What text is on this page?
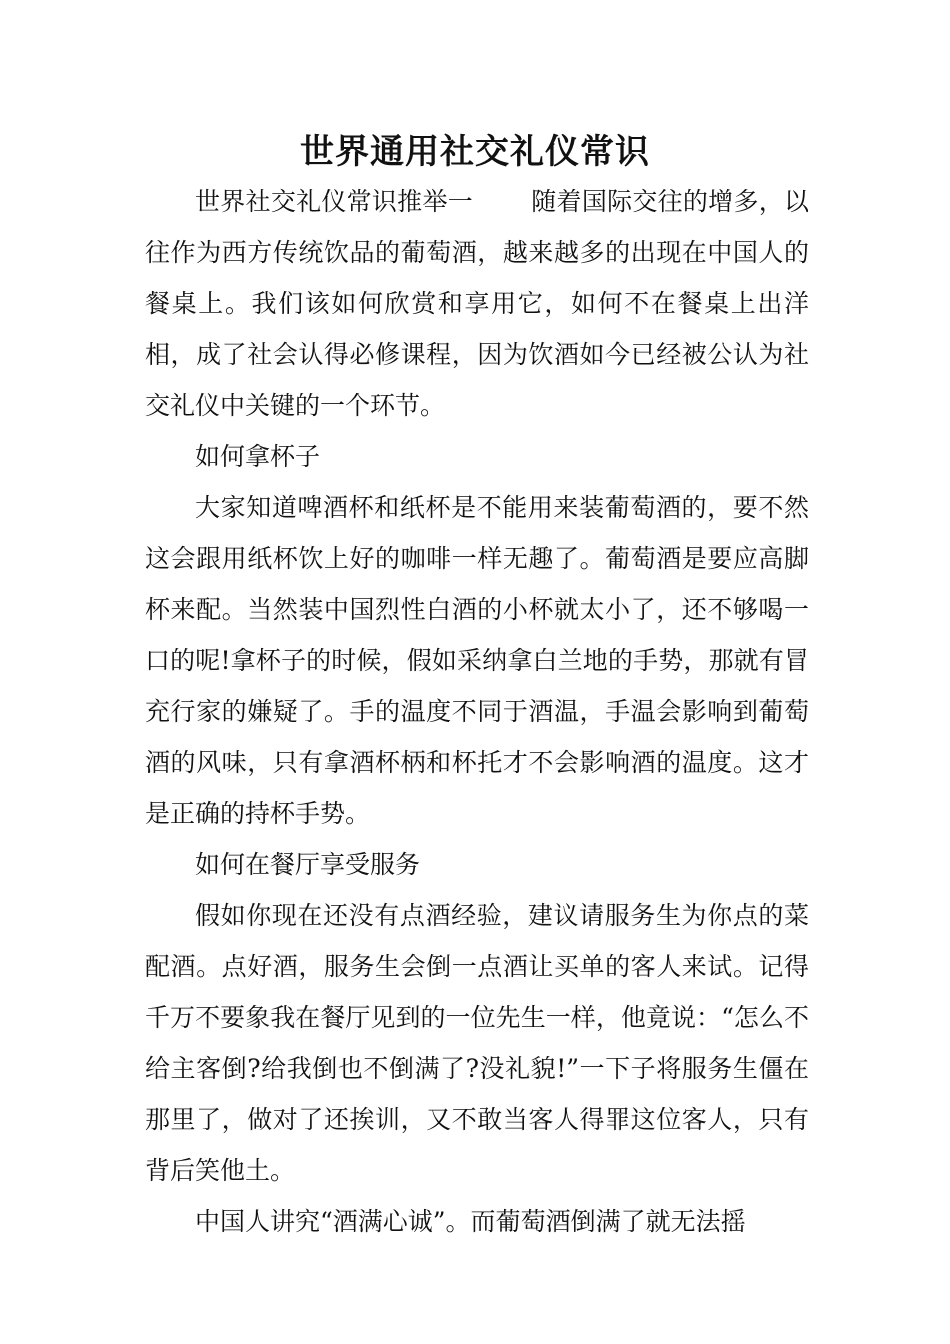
世界通用社交礼仪常识

世界社交礼仪常识推举一 随着国际交往的增多，以往作为西方传统饮品的葡萄酒，越来越多的出现在中国人的餐桌上。我们该如何欣赏和享用它，如何不在餐桌上出洋相，成了社会认得必修课程，因为饮酒如今已经被公认为社交礼仪中关键的一个环节。

如何拿杯子

大家知道啤酒杯和纸杯是不能用来装葡萄酒的，要不然这会跟用纸杯饮上好的咖啡一样无趣了。葡萄酒是要应高脚杯来配。当然装中国烈性白酒的小杯就太小了，还不够喝一口的呢!拿杯子的时候，假如采纳拿白兰地的手势，那就有冒充行家的嫌疑了。手的温度不同于酒温，手温会影响到葡萄酒的风味，只有拿酒杯柄和杯托才不会影响酒的温度。这才是正确的持杯手势。

如何在餐厅享受服务

假如你现在还没有点酒经验，建议请服务生为你点的菜配酒。点好酒，服务生会倒一点酒让买单的客人来试。记得千万不要象我在餐厅见到的一位先生一样，他竟说：“怎么不给主客倒?给我倒也不倒满了?没礼貌!”一下子将服务生僵在那里了，做对了还挨训，又不敢当客人得罪这位客人，只有背后笑他土。

中国人讲究“酒满心诚”。而葡萄酒倒满了就无法摇
